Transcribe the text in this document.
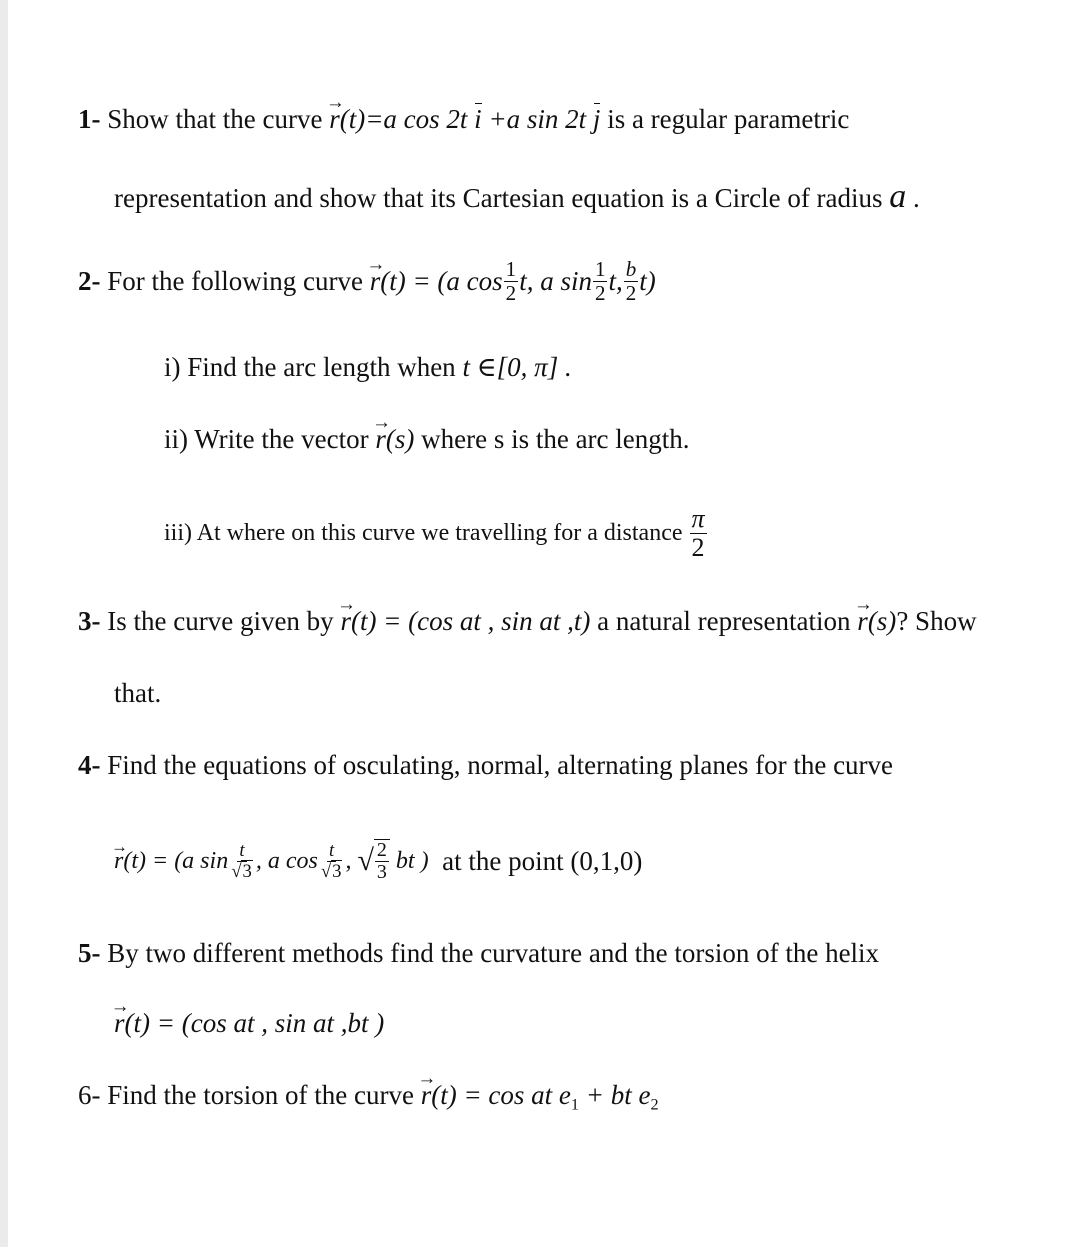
1- Show that the curve → r(t)=a cos 2t i +a sin 2t j is a regular parametric
representation and show that its Cartesian equation is a Circle of radius a .
2-
For the following curve
→ r (t) = (a $\cos \frac{1}{2} t$, a $\sin \frac{1}{2} t$, $\frac{b}{2} t$)
i) Find the arc length when t ∈[0, π] .
ii) Write the vector → r(s) where s is the arc length.
iii) At where on this curve we travelling for a distance
$\frac{\pi}{2}$
3- Is the curve given by → r(t) = (cos at , sin at ,t) a natural representation → r(s)? Show
that.
4- Find the equations of osculating, normal, alternating planes for the curve
→ r (t) = (a $\sin \frac{t}{√3}$ , a $\cos \frac{t}{√3}$ ,
√ $\frac{2}{3}$
bt )
at the point
(0,1,0)
5- By two different methods find the curvature and the torsion of the helix
→ r(t) = (cos at , sin at ,bt )
6- Find the torsion of the curve → r(t) = cos at $e_1$ + bt $e_2$
